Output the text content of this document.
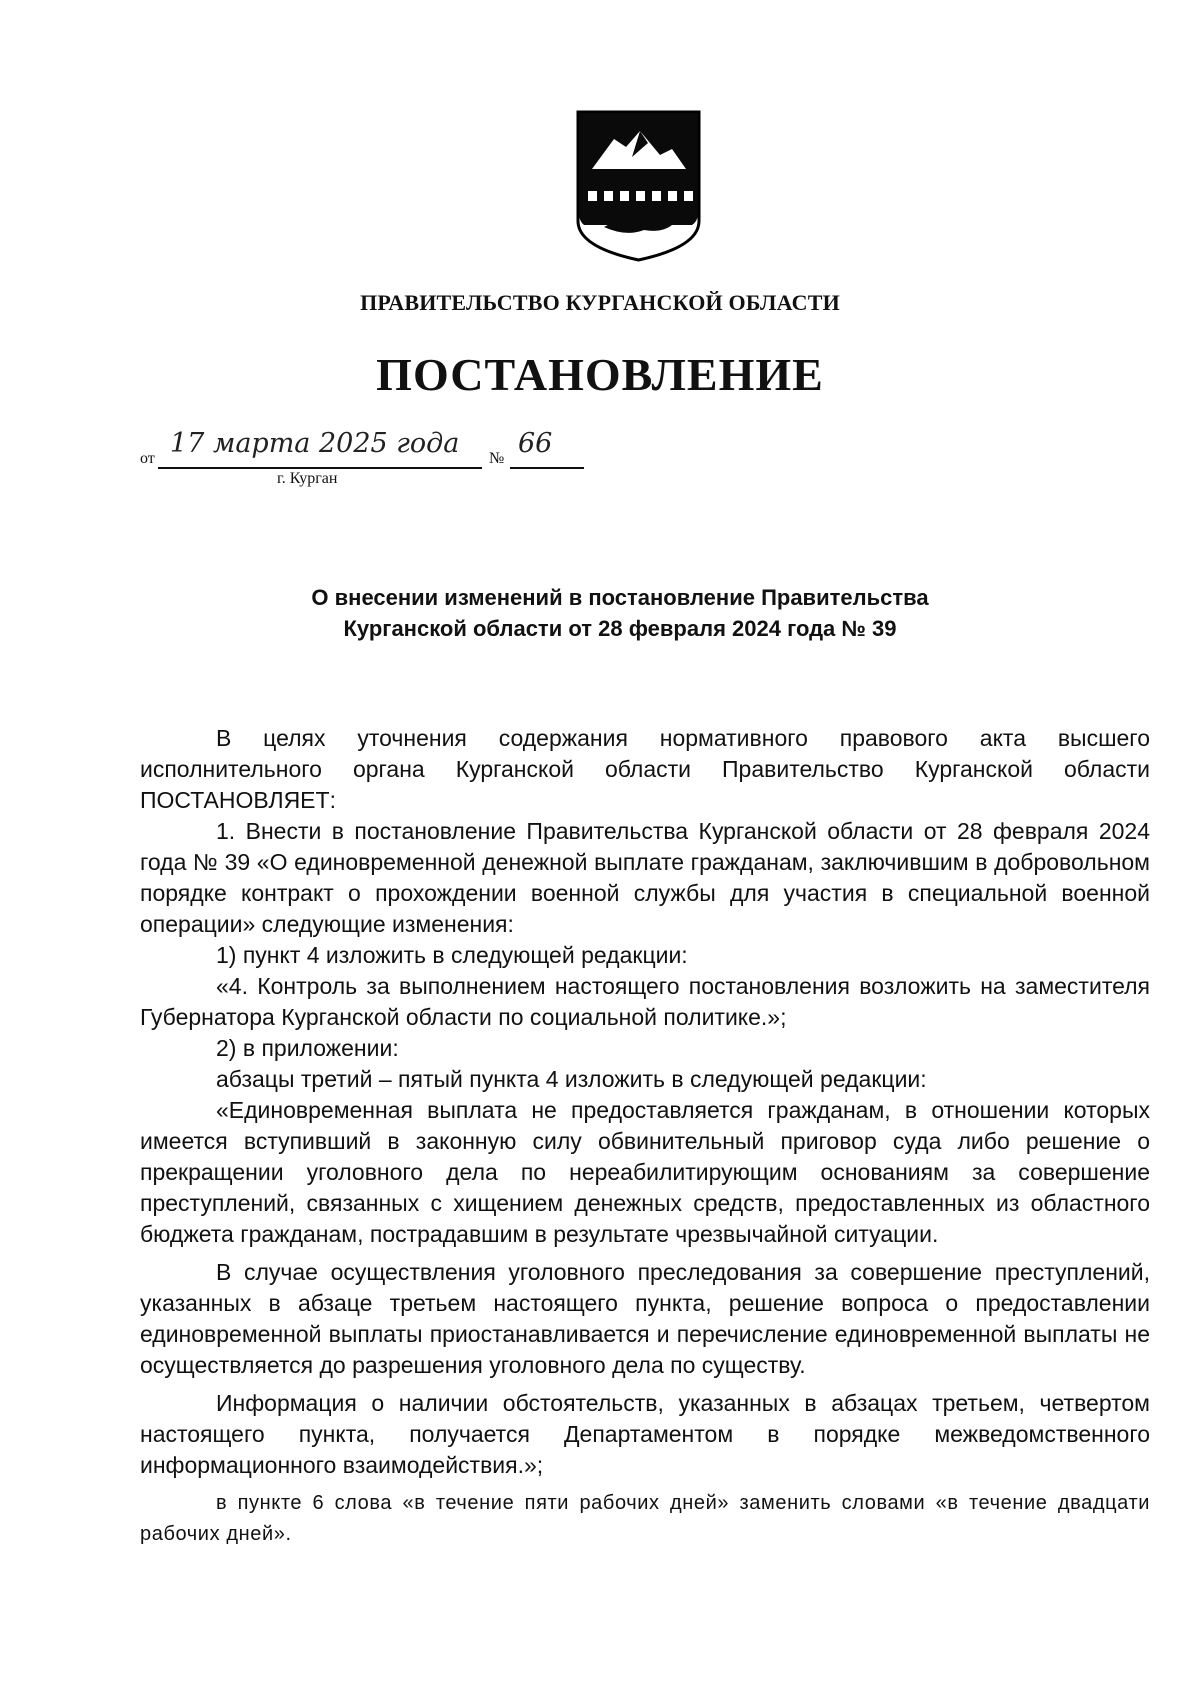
ПРАВИТЕЛЬСТВО КУРГАНСКОЙ ОБЛАСТИ
ПОСТАНОВЛЕНИЕ
от 17 марта 2025 года № 66
г. Курган
О внесении изменений в постановление Правительства
Курганской области от 28 февраля 2024 года № 39

В целях уточнения содержания нормативного правового акта высшего исполнительного органа Курганской области Правительство Курганской области ПОСТАНОВЛЯЕТ:

1. Внести в постановление Правительства Курганской области от 28 февраля 2024 года № 39 «О единовременной денежной выплате гражданам, заключившим в добровольном порядке контракт о прохождении военной службы для участия в специальной военной операции» следующие изменения:

1) пункт 4 изложить в следующей редакции:

«4. Контроль за выполнением настоящего постановления возложить на заместителя Губернатора Курганской области по социальной политике.»;

2) в приложении:

абзацы третий – пятый пункта 4 изложить в следующей редакции:

«Единовременная выплата не предоставляется гражданам, в отношении которых имеется вступивший в законную силу обвинительный приговор суда либо решение о прекращении уголовного дела по нереабилитирующим основаниям за совершение преступлений, связанных с хищением денежных средств, предоставленных из областного бюджета гражданам, пострадавшим в результате чрезвычайной ситуации.

В случае осуществления уголовного преследования за совершение преступлений, указанных в абзаце третьем настоящего пункта, решение вопроса о предоставлении единовременной выплаты приостанавливается и перечисление единовременной выплаты не осуществляется до разрешения уголовного дела по существу.

Информация о наличии обстоятельств, указанных в абзацах третьем, четвертом настоящего пункта, получается Департаментом в порядке межведомственного информационного взаимодействия.»;

в пункте 6 слова «в течение пяти рабочих дней» заменить словами «в течение двадцати рабочих дней».
